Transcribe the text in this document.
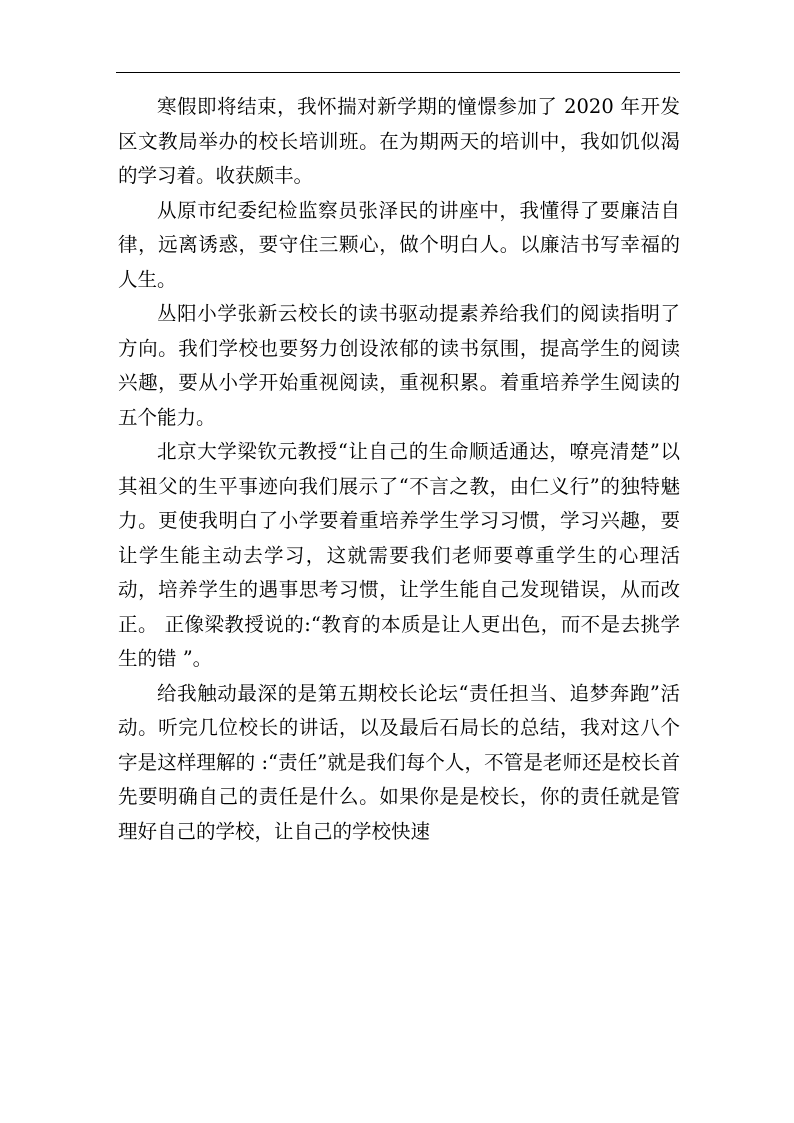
寒假即将结束，我怀揣对新学期的憧憬参加了 2020 年开发区文教局举办的校长培训班。在为期两天的培训中，我如饥似渴的学习着。收获颇丰。

从原市纪委纪检监察员张泽民的讲座中，我懂得了要廉洁自律，远离诱惑，要守住三颗心，做个明白人。以廉洁书写幸福的人生。

丛阳小学张新云校长的读书驱动提素养给我们的阅读指明了方向。我们学校也要努力创设浓郁的读书氛围，提高学生的阅读兴趣，要从小学开始重视阅读，重视积累。着重培养学生阅读的五个能力。

北京大学梁钦元教授“让自己的生命顺适通达，嘹亮清楚”以其祖父的生平事迹向我们展示了“不言之教，由仁义行”的独特魅力。更使我明白了小学要着重培养学生学习习惯，学习兴趣，要让学生能主动去学习，这就需要我们老师要尊重学生的心理活动，培养学生的遇事思考习惯，让学生能自己发现错误，从而改正。 正像梁教授说的:“教育的本质是让人更出色，而不是去挑学生的错 ”。

给我触动最深的是第五期校长论坛“责任担当、追梦奔跑”活动。听完几位校长的讲话，以及最后石局长的总结，我对这八个字是这样理解的 :“责任”就是我们每个人，不管是老师还是校长首先要明确自己的责任是什么。如果你是是校长，你的责任就是管理好自己的学校，让自己的学校快速
